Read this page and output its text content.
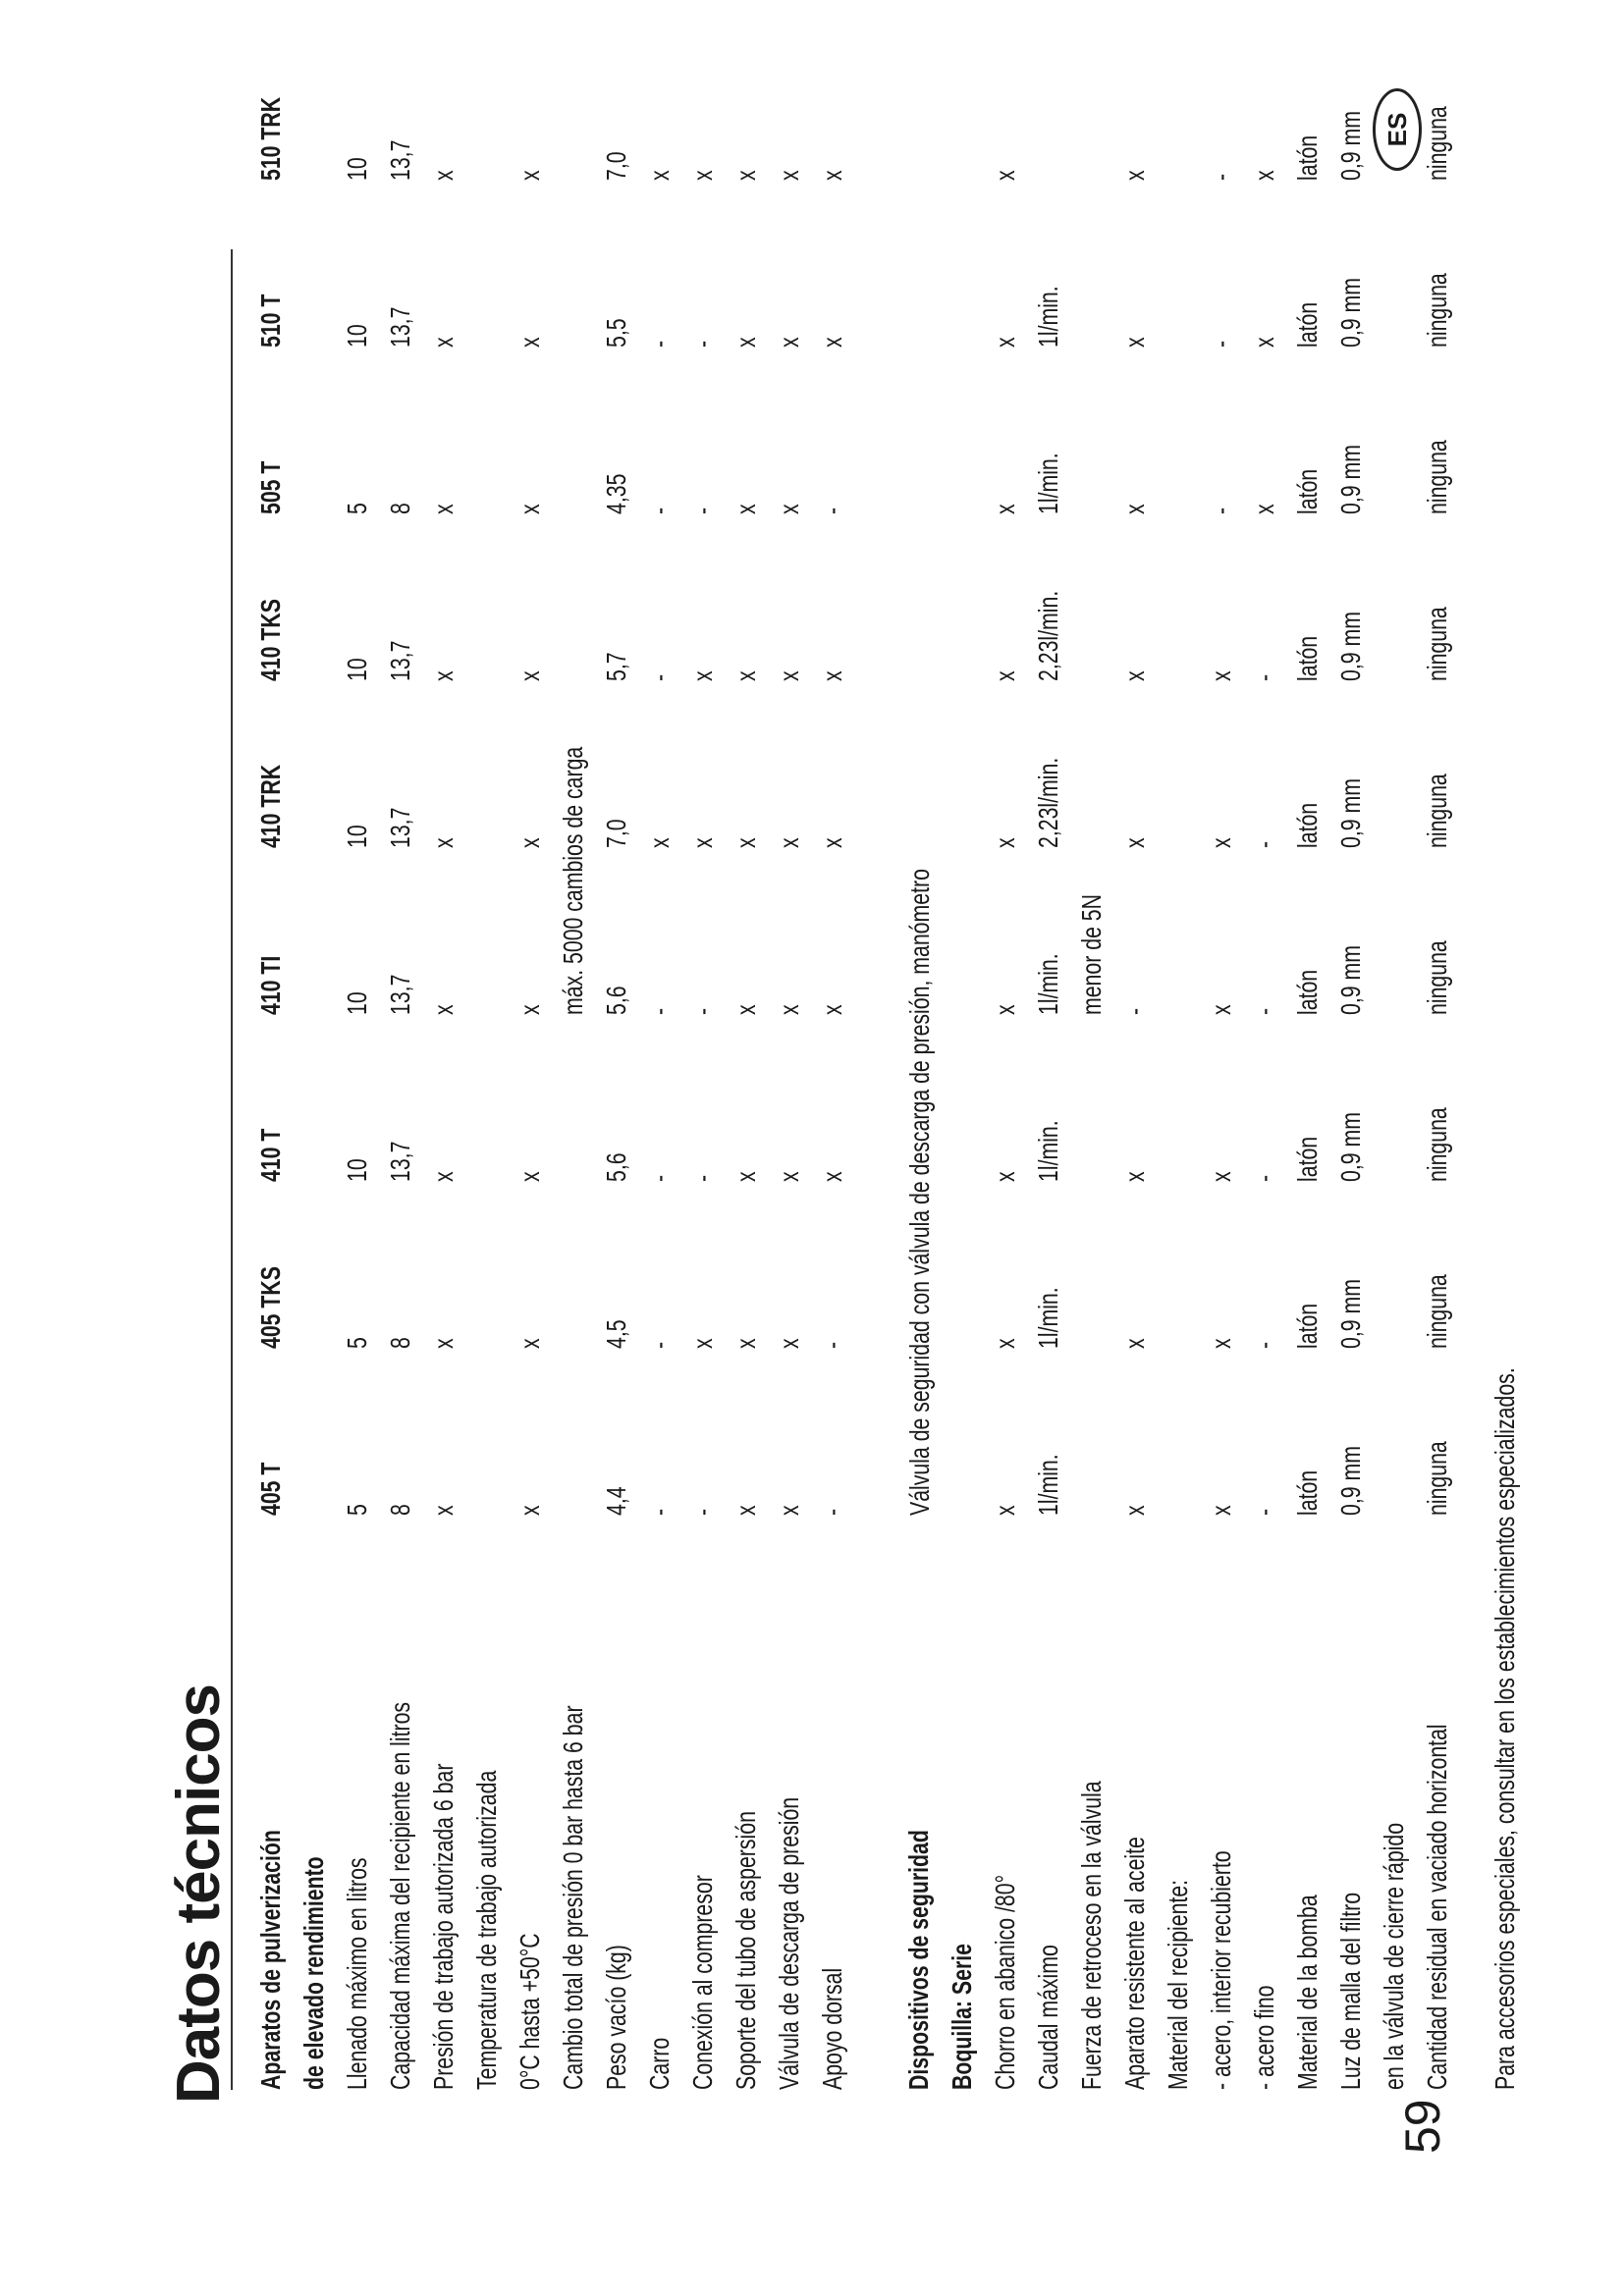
59
ES
Datos técnicos Aparatos de pulverización
405 T
405 TKS
410 T
410 TI
410 TRK
410 TKS
505 T
510 T
510 TRK
de elevado rendimiento Llenado máximo en litros
5
5
10
10
10
10
5
10
10
Capacidad máxima del recipiente en litros
8
8
13,7
13,7
13,7
13,7
8
13,7
13,7
Presión de trabajo autorizada 6 bar
x
x
x
x
x
x
x
x
x
Temperatura de trabajo autorizada 0°C hasta +50°C
x
x
x
x
x
x
x
x
x
Cambio total de presión 0 bar hasta 6 bar
máx. 5000 cambios de carga
Peso vacío (kg)
4,4
4,5
5,6
5,6
7,0
5,7
4,35
5,5
7,0
Carro
-
-
-
-
x
-
-
-
x
Conexión al compresor
-
x
-
-
x
x
-
-
x
Soporte del tubo de aspersión
x
x
x
x
x
x
x
x
x
Válvula de descarga de presión
x
x
x
x
x
x
x
x
x
Apoyo dorsal
-
-
x
x
x
x
-
x
x
Dispositivos de seguridad
Válvula de seguridad con válvula de descarga de presión, manómetro
Boquilla: Serie Chorro en abanico /80°
x
x
x
x
x
x
x
x
x
Caudal máximo
1l/min.
1l/min.
1l/min.
1l/min.
2,23l/min.
2,23l/min.
1l/min.
1l/min.
Fuerza de retroceso en la válvula
menor de 5N
Aparato resistente al aceite
x
x
x
-
x
x
x
x
x
Material del recipiente: - acero, interior recubierto
x
x
x
x
x
x
-
-
-
- acero fino
-
-
-
-
-
-
x
x
x
Material de la bomba
latón
latón
latón
latón
latón
latón
latón
latón
latón
Luz de malla del filtro
0,9 mm
0,9 mm
0,9 mm
0,9 mm
0,9 mm
0,9 mm
0,9 mm
0,9 mm
0,9 mm
en la válvula de cierre rápido Cantidad residual en vaciado horizontal
ninguna
ninguna
ninguna
ninguna
ninguna
ninguna
ninguna
ninguna
ninguna
Para accesorios especiales, consultar en los establecimientos especializados.
